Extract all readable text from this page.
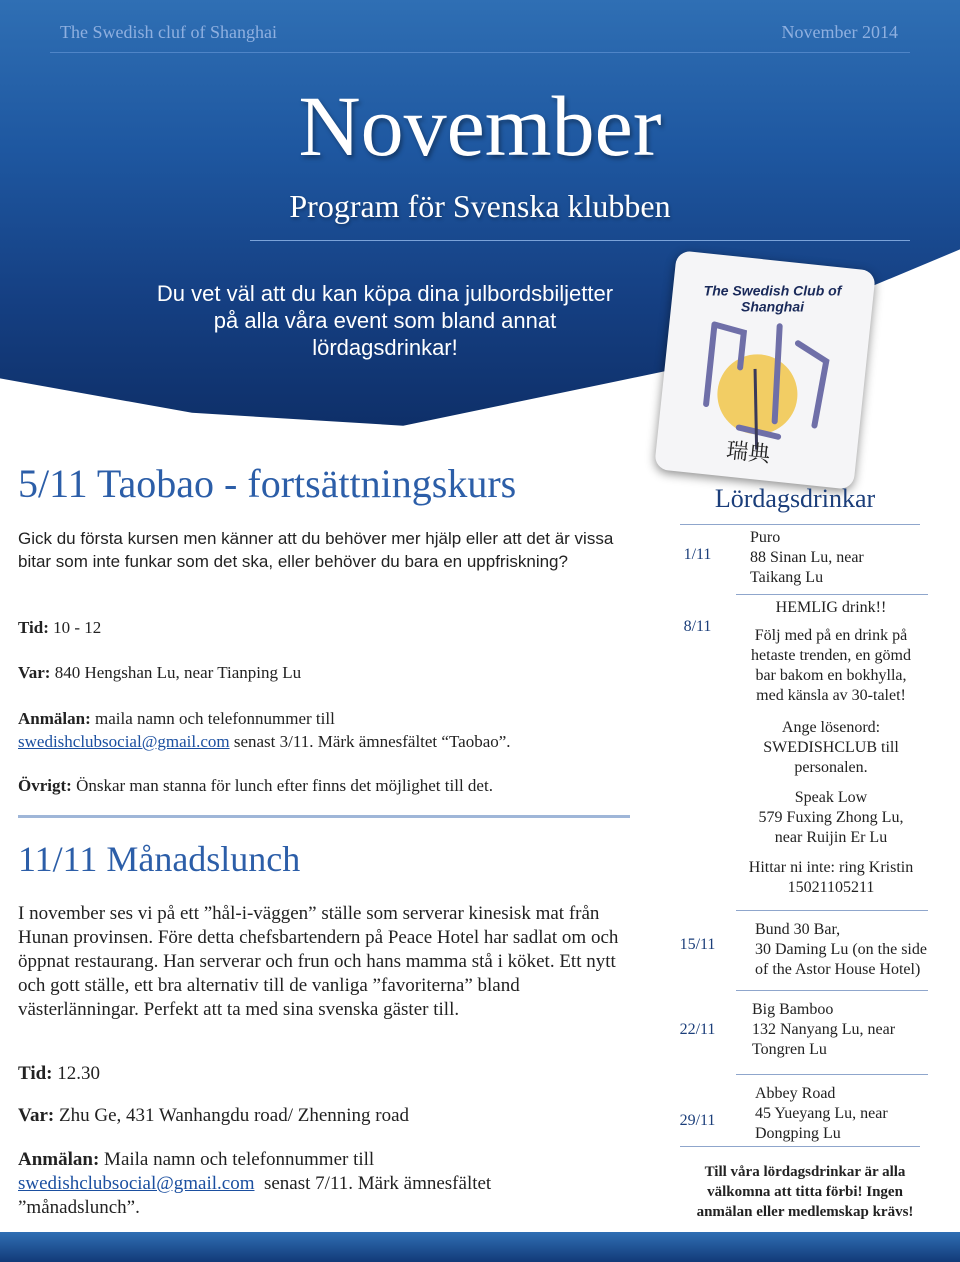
The Swedish cluf of Shanghai	November 2014
November
Program för Svenska klubben
Du vet väl att du kan köpa dina julbordsbiljetter
på alla våra event som bland annat
lördagsdrinkar!
The Swedish Club of Shanghai
瑞典
5/11 Taobao - fortsättningskurs
Gick du första kursen men känner att du behöver mer hjälp eller att det är vissa bitar som inte funkar som det ska, eller behöver du bara en uppfriskning?
Tid: 10 - 12
Var: 840 Hengshan Lu, near Tianping Lu
Anmälan: maila namn och telefonnummer till
swedishclubsocial@gmail.com senast 3/11. Märk ämnesfältet “Taobao”.
Övrigt: Önskar man stanna för lunch efter finns det möjlighet till det.
11/11 Månadslunch
I november ses vi på ett ”hål-i-väggen” ställe som serverar kinesisk mat från Hunan provinsen. Före detta chefsbartendern på Peace Hotel har sadlat om och öppnat restaurang. Han serverar och frun och hans mamma stå i köket. Ett nytt och gott ställe, ett bra alternativ till de vanliga ”favoriterna” bland västerlänningar. Perfekt att ta med sina svenska gäster till.
Tid: 12.30
Var: Zhu Ge, 431 Wanhangdu road/ Zhenning road
Anmälan: Maila namn och telefonnummer till
swedishclubsocial@gmail.com senast 7/11. Märk ämnesfältet ”månadslunch”.
Lördagsdrinkar
1/11
Puro
88 Sinan Lu, near
Taikang Lu
8/11
HEMLIG drink!!
Följ med på en drink på
hetaste trenden, en gömd
bar bakom en bokhylla,
med känsla av 30-talet!
Ange lösenord:
SWEDISHCLUB till
personalen.
Speak Low
579 Fuxing Zhong Lu,
near Ruijin Er Lu
Hittar ni inte: ring Kristin
15021105211
15/11
Bund 30 Bar,
30 Daming Lu (on the side
of the Astor House Hotel)
22/11
Big Bamboo
132 Nanyang Lu, near
Tongren Lu
29/11
Abbey Road
45 Yueyang Lu, near
Dongping Lu
Till våra lördagsdrinkar är alla
välkomna att titta förbi! Ingen
anmälan eller medlemskap krävs!
